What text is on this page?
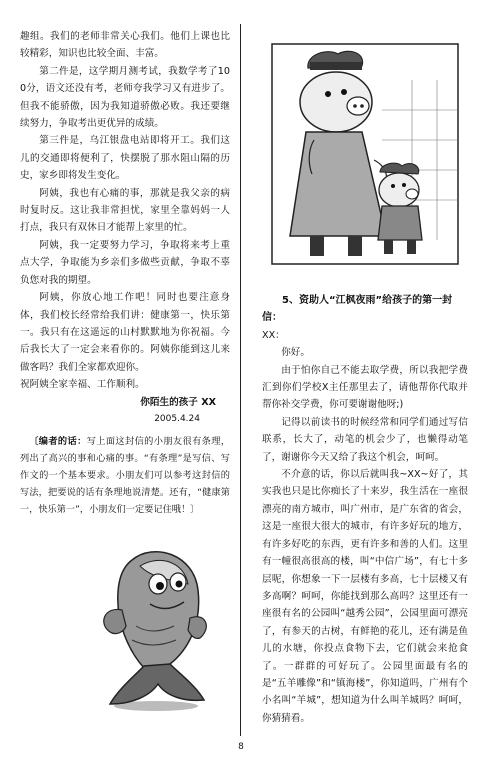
趣组。我们的老师非常关心我们。他们上课也比较精彩，知识也比较全面、丰富。

第二件是，这学期月测考试，我数学考了100分，语文还没有考，老师夸我学习又有进步了。但我不能骄傲，因为我知道骄傲必败。我还要继续努力，争取考出更优异的成绩。

第三件是，乌江银盘电站即将开工。我们这儿的交通即将便利了，快摆脱了那水阻山隔的历史，家乡即将发生变化。

阿姨，我也有心痛的事，那就是我父亲的病时复时反。这让我非常担忧，家里全靠妈妈一人打点，我只有双休日才能帮上家里的忙。

阿姨，我一定要努力学习，争取将来考上重点大学，争取能为乡亲们多做些贡献，争取不辜负您对我的期望。

阿姨，你放心地工作吧！同时也要注意身体，我们校长经常给我们讲：健康第一，快乐第一。我只有在这遥远的山村默默地为你祝福。今后我长大了一定会来看你的。阿姨你能到这儿来做客吗？我们全家都欢迎你。

祝阿姨全家幸福、工作顺利。

你陌生的孩子 XX

2005.4.24

〔编者的话：写上面这封信的小朋友很有条理，列出了高兴的事和心痛的事。“有条理”是写信、写作文的一个基本要求。小朋友们可以参考这封信的写法，把要说的话有条理地说清楚。还有，“健康第一，快乐第一”，小朋友们一定要记住哦！〕

5、资助人“江枫夜雨”给孩子的第一封信：

XX：

你好。

由于怕你自己不能去取学费，所以我把学费汇到你们学校X主任那里去了，请他帮你代取并帮你补交学费，你可要谢谢他呀;)

记得以前读书的时候经常和同学们通过写信联系，长大了，动笔的机会少了，也懒得动笔了，谢谢你今天又给了我这个机会，呵呵。

不介意的话，你以后就叫我~XX~好了，其实我也只是比你痴长了十来岁，我生活在一座很漂亮的南方城市，叫广州市，是广东省的省会，这是一座很大很大的城市，有许多好玩的地方，有许多好吃的东西，更有许多和善的人们。这里有一幢很高很高的楼，叫“中信广场”，有七十多层呢，你想象一下一层楼有多高，七十层楼又有多高啊？呵呵，你能找到那么高吗？这里还有一座很有名的公园叫“越秀公园”，公园里面可漂亮了，有参天的古树，有鲜艳的花儿，还有满是鱼儿的水塘，你投点食物下去，它们就会来抢食了。一群群的可好玩了。公园里面最有名的是“五羊雕像”和“镇海楼”，你知道吗，广州有个小名叫“羊城”，想知道为什么叫羊城吗？呵呵，你猜猜看。

8
